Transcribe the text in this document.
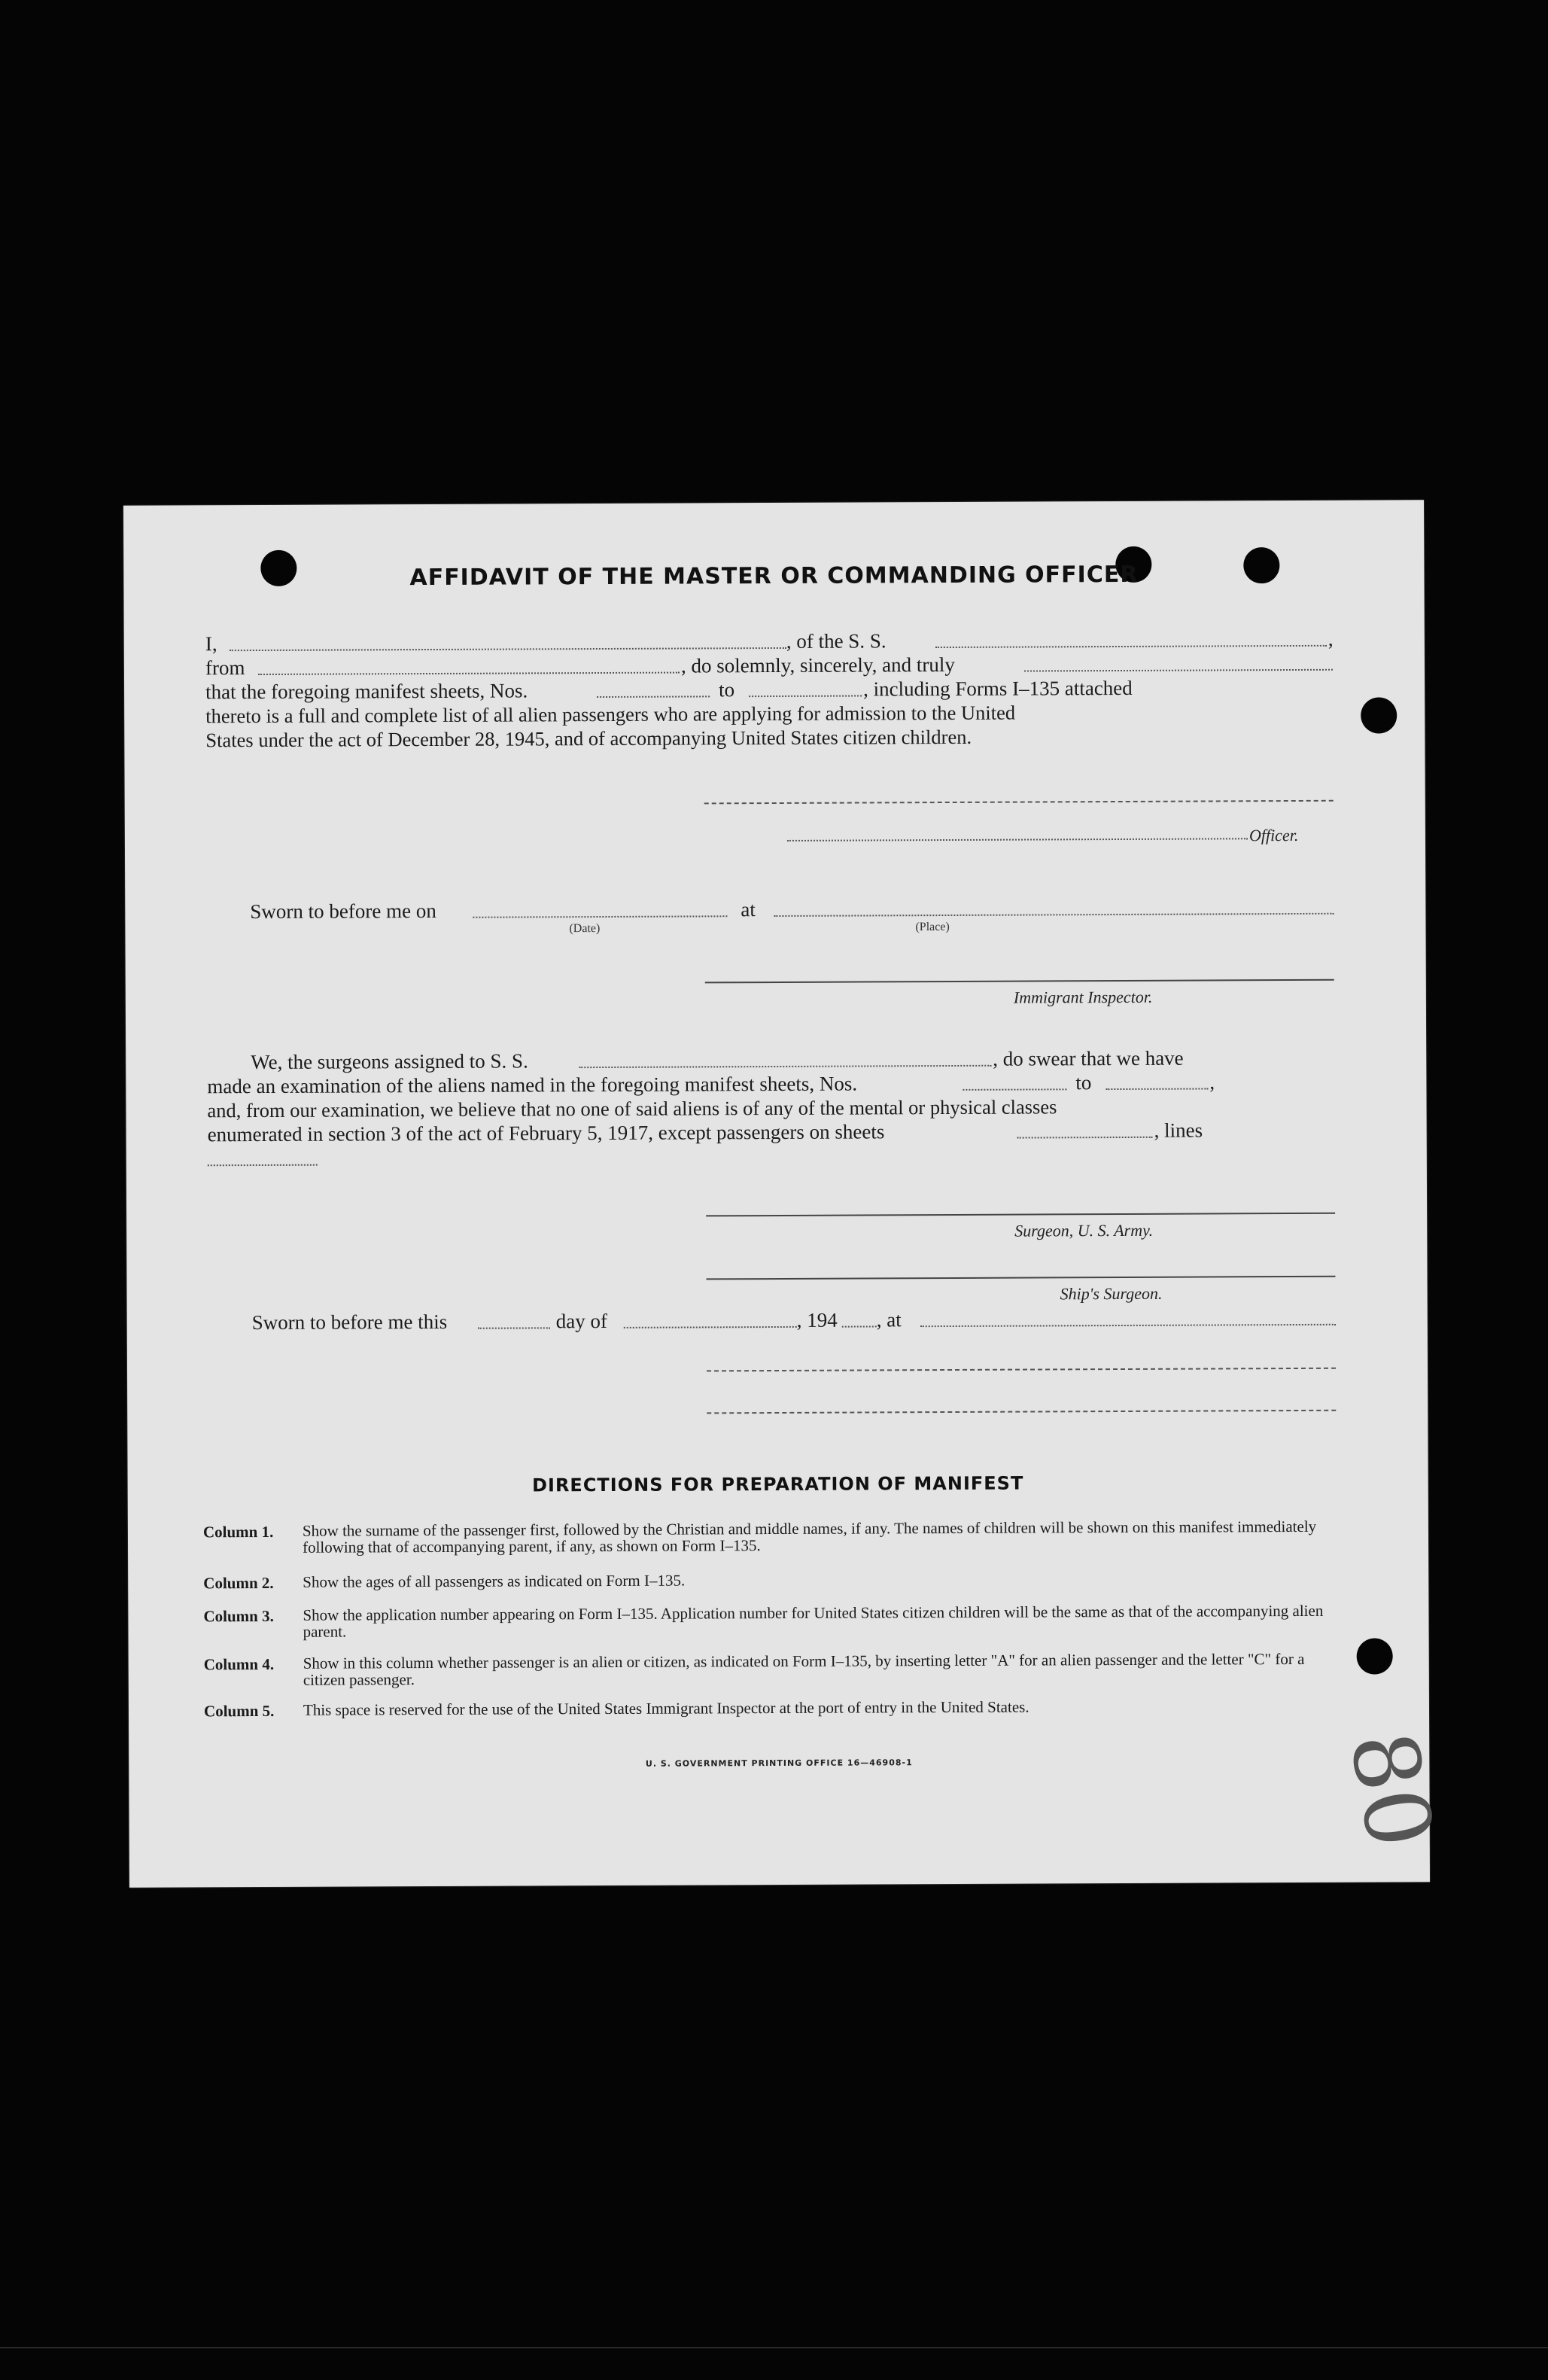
AFFIDAVIT OF THE MASTER OR COMMANDING OFFICER
I,	, of the S. S.	,
from	, do solemnly, sincerely, and truly
that the foregoing manifest sheets, Nos.	to	, including Forms I–135 attached
thereto is a full and complete list of all alien passengers who are applying for admission to the United
States under the act of December 28, 1945, and of accompanying United States citizen children.
Officer.
Sworn to before me on
(Date)
at
(Place)
Immigrant Inspector.
We, the surgeons assigned to S. S.	, do swear that we have
made an examination of the aliens named in the foregoing manifest sheets, Nos.	to	,
and, from our examination, we believe that no one of said aliens is of any of the mental or physical classes
enumerated in section 3 of the act of February 5, 1917, except passengers on sheets	, lines
Surgeon, U. S. Army.
Ship's Surgeon.
Sworn to before me this	day of	, 194 , at
DIRECTIONS FOR PREPARATION OF MANIFEST
Column 1. Show the surname of the passenger first, followed by the Christian and middle names, if any. The names of children will be shown on this manifest immediately following that of accompanying parent, if any, as shown on Form I–135.
Column 2. Show the ages of all passengers as indicated on Form I–135.
Column 3. Show the application number appearing on Form I–135. Application number for United States citizen children will be the same as that of the accompanying alien parent.
Column 4. Show in this column whether passenger is an alien or citizen, as indicated on Form I–135, by inserting letter "A" for an alien passenger and the letter "C" for a citizen passenger.
Column 5. This space is reserved for the use of the United States Immigrant Inspector at the port of entry in the United States.
U. S. GOVERNMENT PRINTING OFFICE 16—46908-1	80
